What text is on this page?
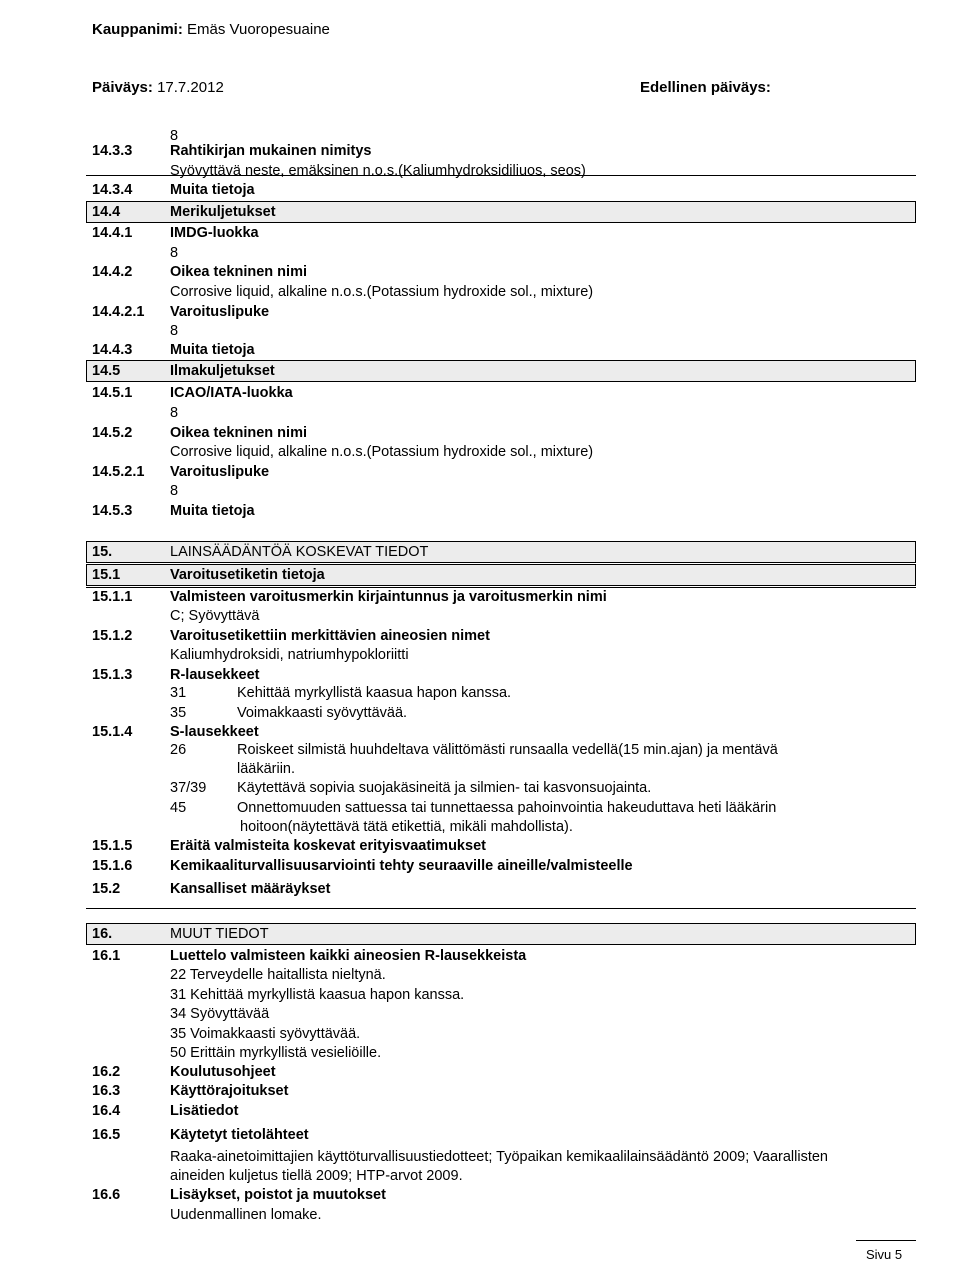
Kauppanimi: Emäs Vuoropesuaine
Päiväys: 17.7.2012	Edellinen päiväys:
8
14.3.3	Rahtikirjan mukainen nimitys
Syövyttävä neste, emäksinen n.o.s.(Kaliumhydroksidiliuos, seos)
14.3.4	Muita tietoja
14.4	Merikuljetukset
14.4.1	IMDG-luokka
8
14.4.2	Oikea tekninen nimi
Corrosive liquid, alkaline n.o.s.(Potassium hydroxide sol., mixture)
14.4.2.1 Varoituslipuke
8
14.4.3	Muita tietoja
14.5	Ilmakuljetukset
14.5.1	ICAO/IATA-luokka
8
14.5.2	Oikea tekninen nimi
Corrosive liquid, alkaline n.o.s.(Potassium hydroxide sol., mixture)
14.5.2.1 Varoituslipuke
8
14.5.3	Muita tietoja
15.	LAINSÄÄDÄNTÖÄ KOSKEVAT TIEDOT
15.1	Varoitusetiketin tietoja
15.1.1	Valmisteen varoitusmerkin kirjaintunnus ja varoitusmerkin nimi
C; Syövyttävä
15.1.2	Varoitusetikettiin merkittävien aineosien nimet
Kaliumhydroksidi, natriumhypokloriitti
15.1.3	R-lausekkeet
31	Kehittää myrkyllistä kaasua hapon kanssa.
35	Voimakkaasti syövyttävää.
15.1.4	S-lausekkeet
26	Roiskeet silmistä huuhdeltava välittömästi runsaalla vedellä(15 min.ajan) ja mentävä
lääkäriin.
37/39 Käytettävä sopivia suojakäsineitä ja silmien- tai kasvonsuojainta.
45	Onnettomuuden sattuessa tai tunnettaessa pahoinvointia hakeuduttava heti lääkärin
hoitoon(näytettävä tätä etikettiä, mikäli mahdollista).
15.1.5	Eräitä valmisteita koskevat erityisvaatimukset
15.1.6	Kemikaaliturvallisuusarviointi tehty seuraaville aineille/valmisteelle
15.2	Kansalliset määräykset
16.	MUUT TIEDOT
16.1	Luettelo valmisteen kaikki aineosien R-lausekkeista
22 Terveydelle haitallista nieltynä.
31 Kehittää myrkyllistä kaasua hapon kanssa.
34 Syövyttävää
35 Voimakkaasti syövyttävää.
50 Erittäin myrkyllistä vesieliöille.
16.2	Koulutusohjeet
16.3	Käyttörajoitukset
16.4	Lisätiedot
16.5	Käytetyt tietolähteet
Raaka-ainetoimittajien käyttöturvallisuustiedotteet; Työpaikan kemikaalilainsäädäntö 2009; Vaarallisten
aineiden kuljetus tiellä 2009; HTP-arvot 2009.
16.6	Lisäykset, poistot ja muutokset
Uudenmallinen lomake.
Sivu 5
